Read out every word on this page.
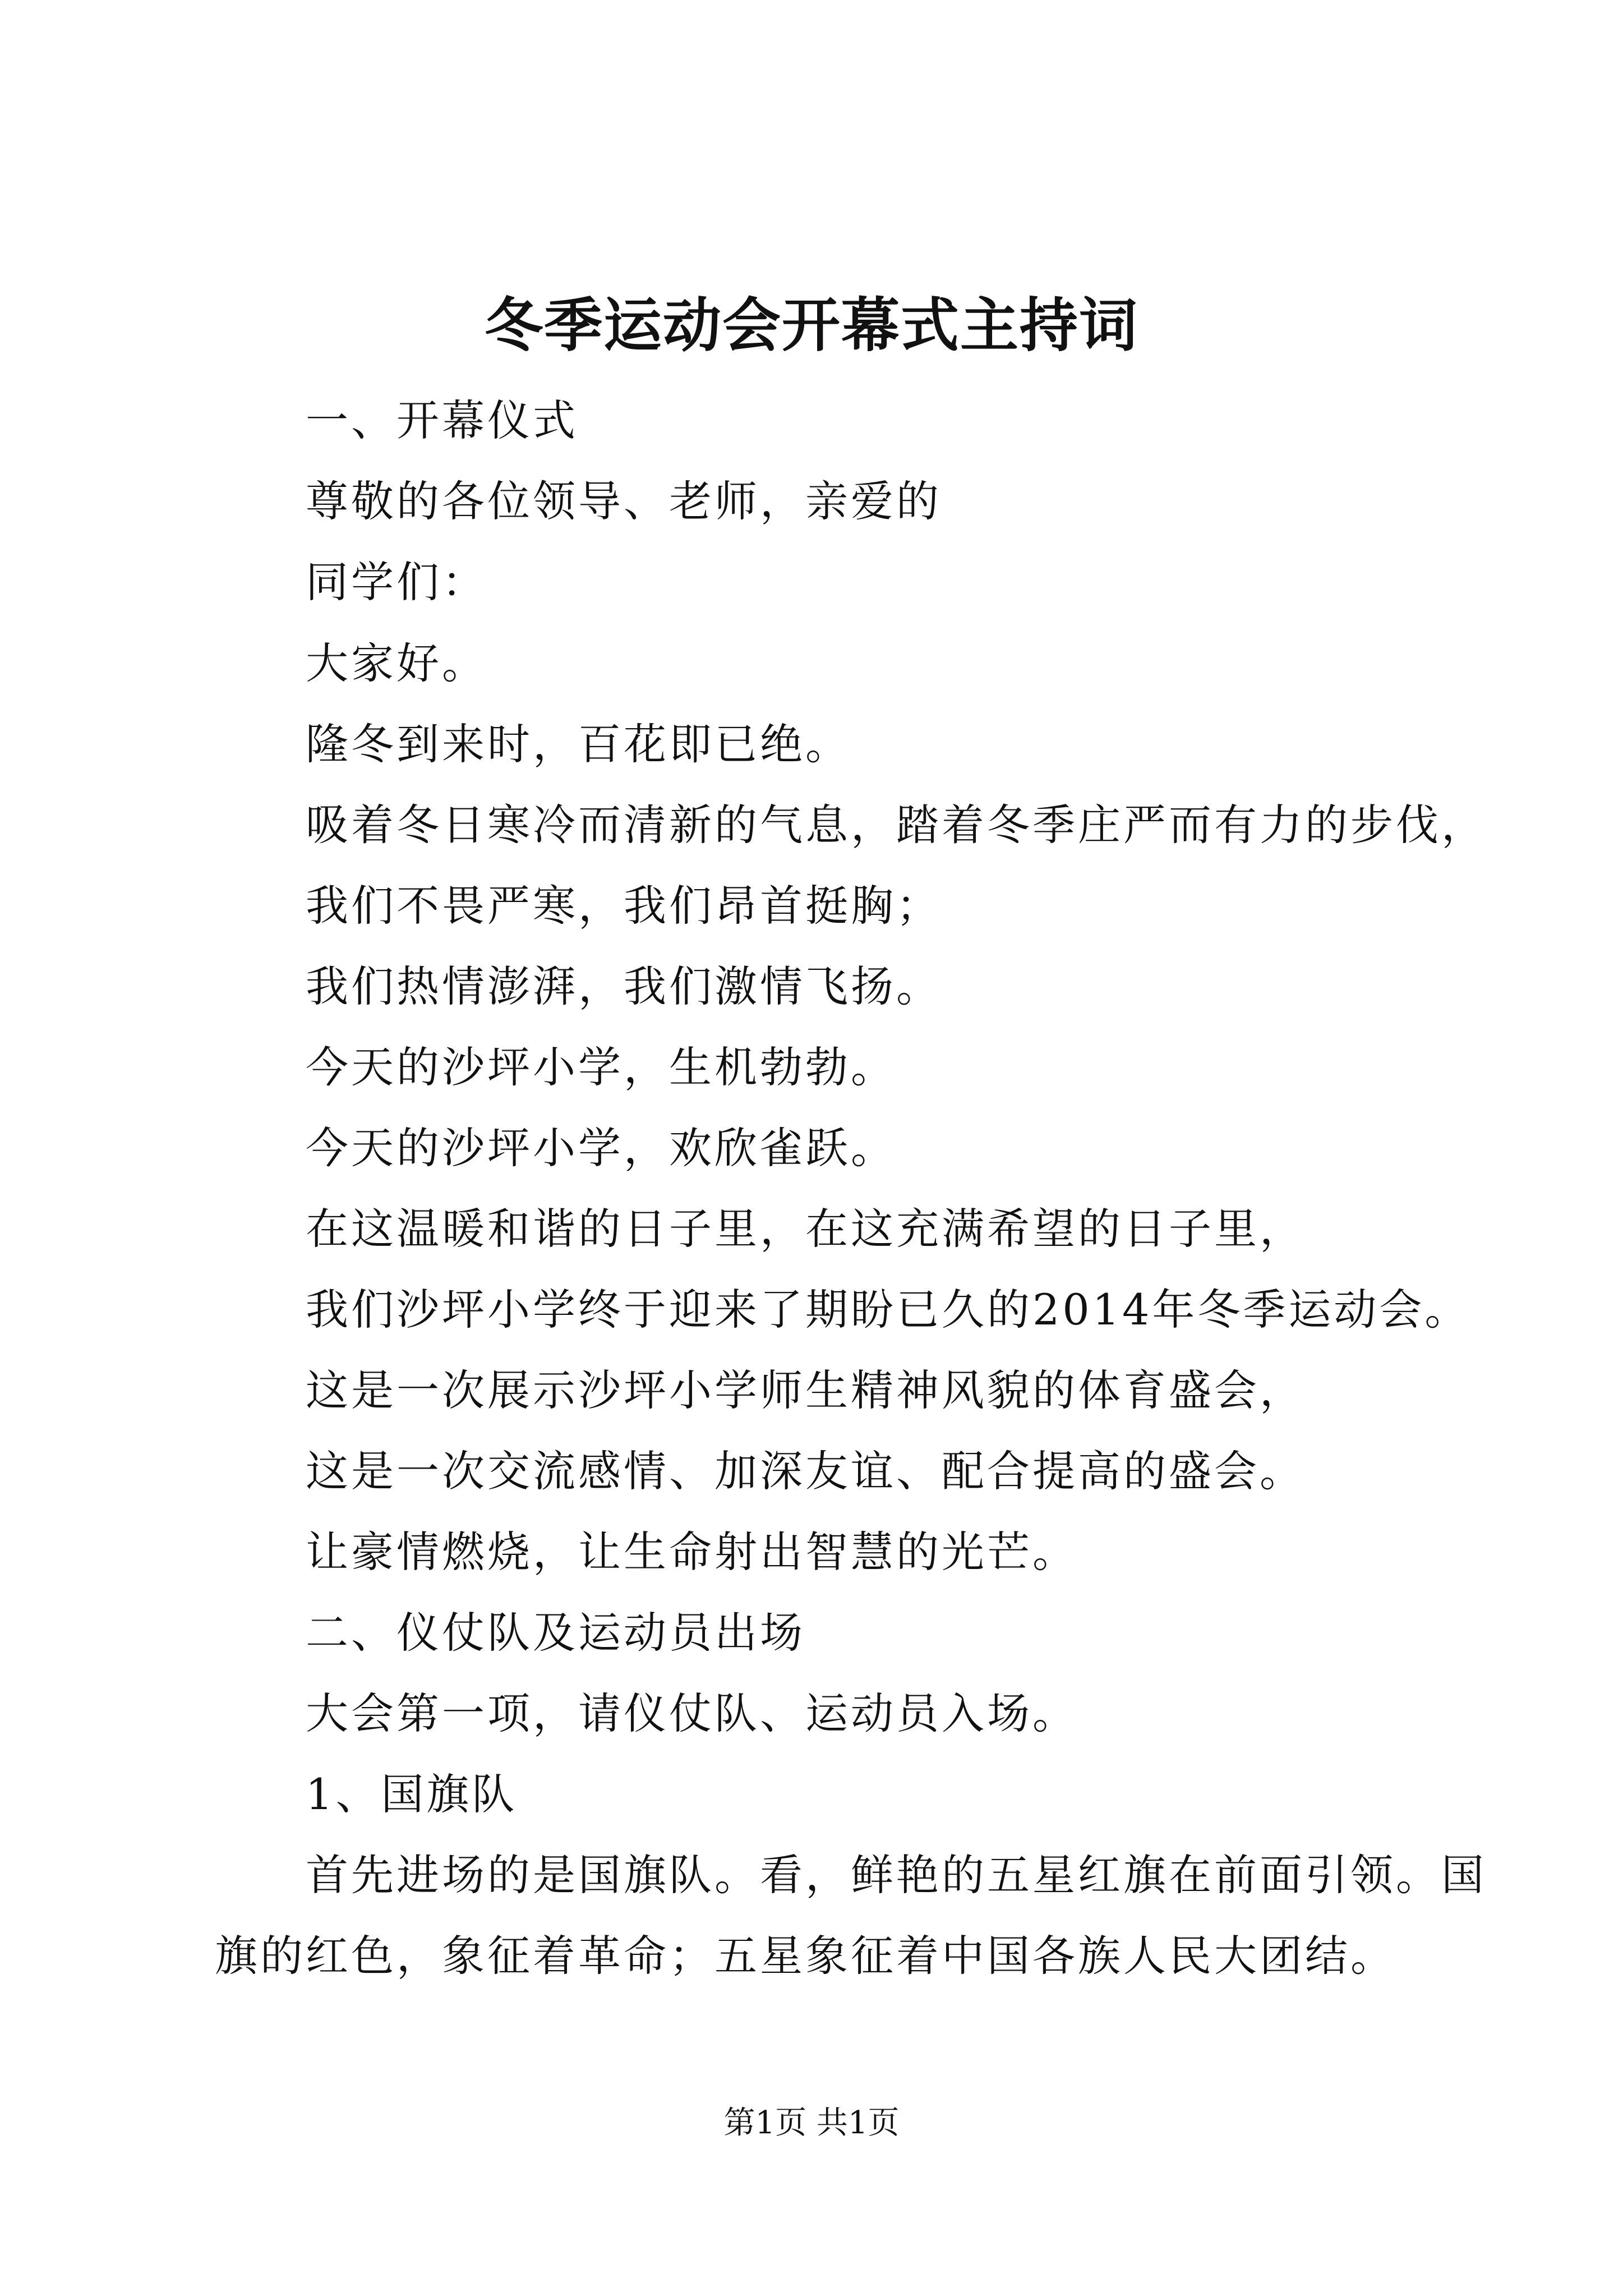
冬季运动会开幕式主持词
一、开幕仪式
尊敬的各位领导、老师，亲爱的
同学们：
大家好。
隆冬到来时，百花即已绝。
吸着冬日寒冷而清新的气息，踏着冬季庄严而有力的步伐，
我们不畏严寒，我们昂首挺胸；
我们热情澎湃，我们激情飞扬。
今天的沙坪小学，生机勃勃。
今天的沙坪小学，欢欣雀跃。
在这温暖和谐的日子里，在这充满希望的日子里，
我们沙坪小学终于迎来了期盼已久的2014年冬季运动会。
这是一次展示沙坪小学师生精神风貌的体育盛会，
这是一次交流感情、加深友谊、配合提高的盛会。
让豪情燃烧，让生命射出智慧的光芒。
二、仪仗队及运动员出场
大会第一项，请仪仗队、运动员入场。
1、国旗队
首先进场的是国旗队。看，鲜艳的五星红旗在前面引领。国
旗的红色，象征着革命；五星象征着中国各族人民大团结。
第1页 共1页
